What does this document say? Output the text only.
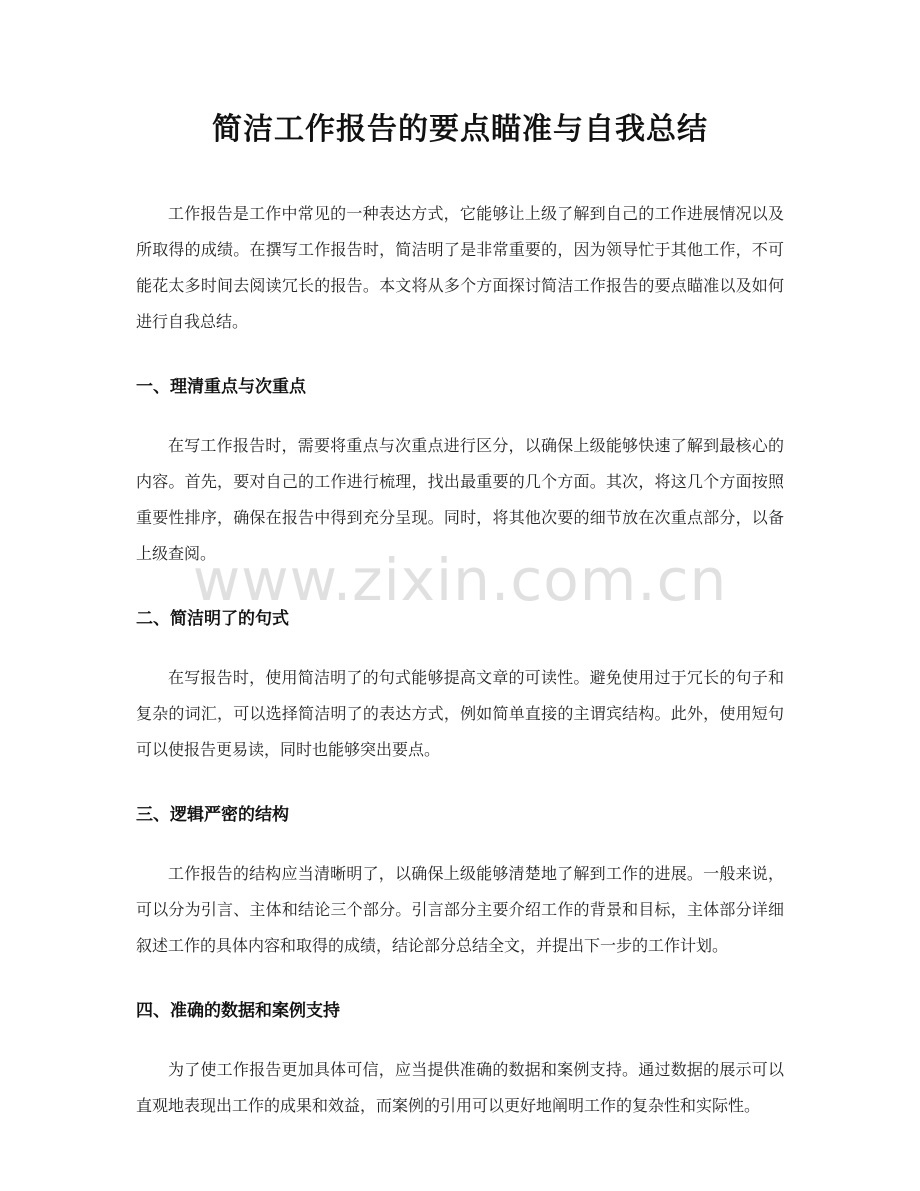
简洁工作报告的要点瞄准与自我总结

工作报告是工作中常见的一种表达方式，它能够让上级了解到自己的工作进展情况以及所取得的成绩。在撰写工作报告时，简洁明了是非常重要的，因为领导忙于其他工作，不可能花太多时间去阅读冗长的报告。本文将从多个方面探讨简洁工作报告的要点瞄准以及如何进行自我总结。

一、理清重点与次重点

在写工作报告时，需要将重点与次重点进行区分，以确保上级能够快速了解到最核心的内容。首先，要对自己的工作进行梳理，找出最重要的几个方面。其次，将这几个方面按照重要性排序，确保在报告中得到充分呈现。同时，将其他次要的细节放在次重点部分，以备上级查阅。

二、简洁明了的句式

在写报告时，使用简洁明了的句式能够提高文章的可读性。避免使用过于冗长的句子和复杂的词汇，可以选择简洁明了的表达方式，例如简单直接的主谓宾结构。此外，使用短句可以使报告更易读，同时也能够突出要点。

三、逻辑严密的结构

工作报告的结构应当清晰明了，以确保上级能够清楚地了解到工作的进展。一般来说，可以分为引言、主体和结论三个部分。引言部分主要介绍工作的背景和目标，主体部分详细叙述工作的具体内容和取得的成绩，结论部分总结全文，并提出下一步的工作计划。

四、准确的数据和案例支持

为了使工作报告更加具体可信，应当提供准确的数据和案例支持。通过数据的展示可以直观地表现出工作的成果和效益，而案例的引用可以更好地阐明工作的复杂性和实际性。

www.zixin.com.cn
